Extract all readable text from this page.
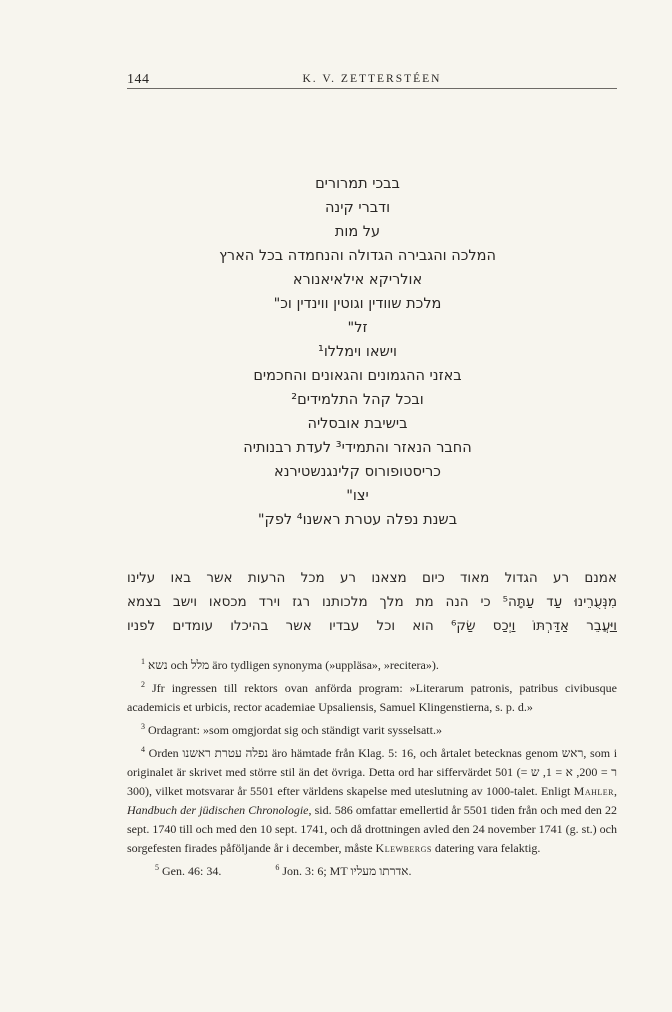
144	K. V. ZETTERSTÉEN
בבכי תמרורים
ודברי קינה
על מות
המלכה והגבירה הגדולה והנחמדה בכל הארץ
אולריקא אילאיאנורא
מלכת שוודין וגוטין ווינדין וכ"
זל"
וישאו וימללו¹
באזני ההגמונים והגאונים והחכמים
ובכל קהל התלמידים²
בישיבת אובסליה
החבר הנאזר והתמידי³ לעדת רבנותיה
כריסטופורוס קלינגנשטירנא
יצו"
בשנת נפלה עטרת ראשנו⁴ לפק"
אמנם רע הגדול מאוד כיום מצאנו רע מכל הרעות אשר באו עלינו
מִנְּעֻרֵינוּ עַד עַתָּה⁵ כי הנה מת מלך מלכותנו רגז וירד מכסאו וישב בצמא
וַיַּעֲבֵר אַדַּרְתּוֹ וַיְכַס שַׂק⁶ הוא וכל עבדיו אשר בהיכלו עומדים לפניו

$^1$ נשא och מלל äro tydligen synonyma (»uppläsa», »recitera»).

$^2$ Jfr ingressen till rektors ovan anförda program: »Literarum patronis, patribus civibusque academicis et urbicis, rector academiae Upsaliensis, Samuel Klingenstierna, s. p. d.»

$^3$ Ordagrant: »som omgjordat sig och ständigt varit sysselsatt.»

$^4$ Orden נפלה עטרת ראשנו äro hämtade från Klag. 5: 16, och årtalet betecknas genom ראש, som i originalet är skrivet med större stil än det övriga. Detta ord har siffervärdet 501 (ר = 200, א = 1, ש = 300), vilket motsvarar år 5501 efter världens skapelse med uteslutning av 1000-talet. Enligt Mahler, Handbuch der jüdischen Chronologie, sid. 586 omfattar emellertid år 5501 tiden från och med den 22 sept. 1740 till och med den 10 sept. 1741, och då drottningen avled den 24 november 1741 (g. st.) och sorgefesten firades påföljande år i december, måste Klewbergs datering vara felaktig.

$^5$ Gen. 46: 34.	$^6$ Jon. 3: 6; MT אדרתו מעליו.
